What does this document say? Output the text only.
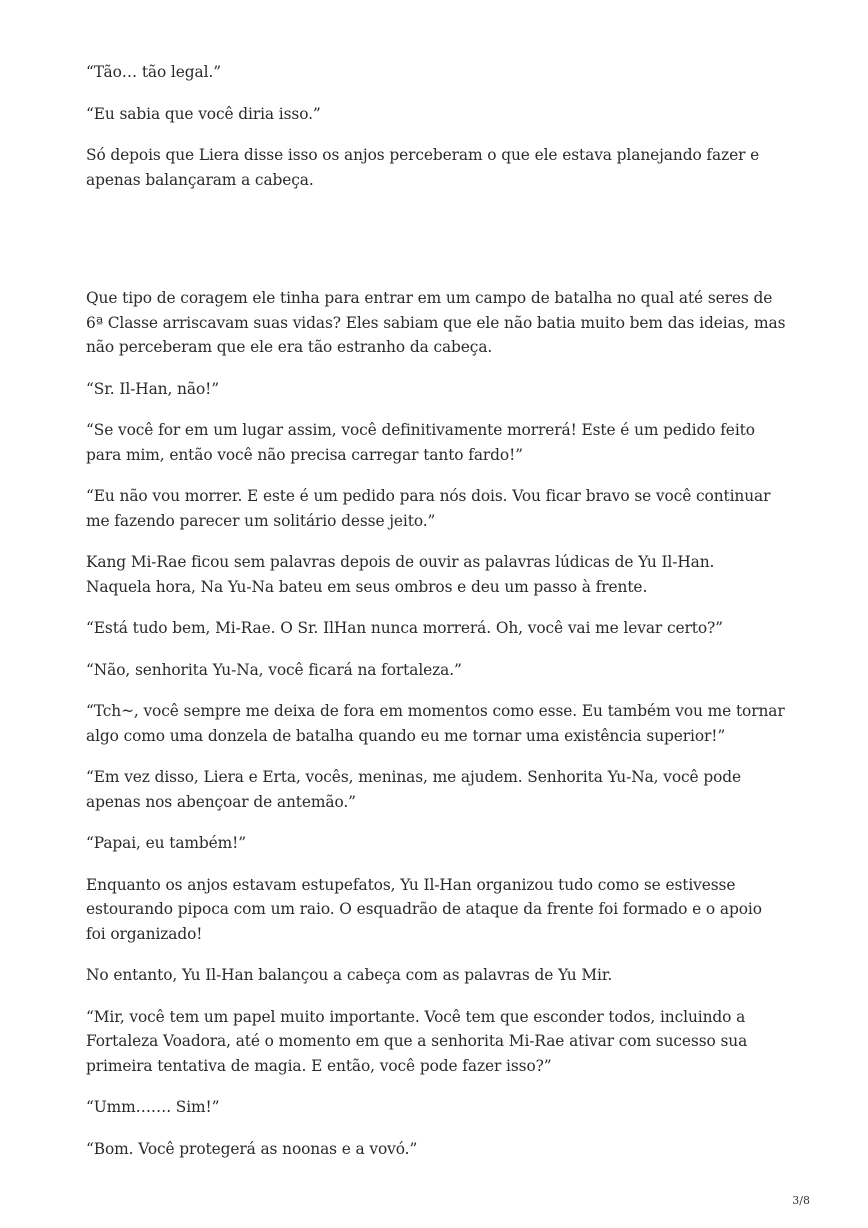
“Tão… tão legal.”

“Eu sabia que você diria isso.”

Só depois que Liera disse isso os anjos perceberam o que ele estava planejando fazer e
apenas balançaram a cabeça.

Que tipo de coragem ele tinha para entrar em um campo de batalha no qual até seres de
6ª Classe arriscavam suas vidas? Eles sabiam que ele não batia muito bem das ideias, mas
não perceberam que ele era tão estranho da cabeça.

“Sr. Il-Han, não!”

“Se você for em um lugar assim, você definitivamente morrerá! Este é um pedido feito
para mim, então você não precisa carregar tanto fardo!”

“Eu não vou morrer. E este é um pedido para nós dois. Vou ficar bravo se você continuar
me fazendo parecer um solitário desse jeito.”

Kang Mi-Rae ficou sem palavras depois de ouvir as palavras lúdicas de Yu Il-Han.
Naquela hora, Na Yu-Na bateu em seus ombros e deu um passo à frente.

“Está tudo bem, Mi-Rae. O Sr. IlHan nunca morrerá. Oh, você vai me levar certo?”

“Não, senhorita Yu-Na, você ficará na fortaleza.”

“Tch~, você sempre me deixa de fora em momentos como esse. Eu também vou me tornar
algo como uma donzela de batalha quando eu me tornar uma existência superior!”

“Em vez disso, Liera e Erta, vocês, meninas, me ajudem. Senhorita Yu-Na, você pode
apenas nos abençoar de antemão.”

“Papai, eu também!”

Enquanto os anjos estavam estupefatos, Yu Il-Han organizou tudo como se estivesse
estourando pipoca com um raio. O esquadrão de ataque da frente foi formado e o apoio
foi organizado!

No entanto, Yu Il-Han balançou a cabeça com as palavras de Yu Mir.

“Mir, você tem um papel muito importante. Você tem que esconder todos, incluindo a
Fortaleza Voadora, até o momento em que a senhorita Mi-Rae ativar com sucesso sua
primeira tentativa de magia. E então, você pode fazer isso?”

“Umm……. Sim!”

“Bom. Você protegerá as noonas e a vovó.”

3/8
